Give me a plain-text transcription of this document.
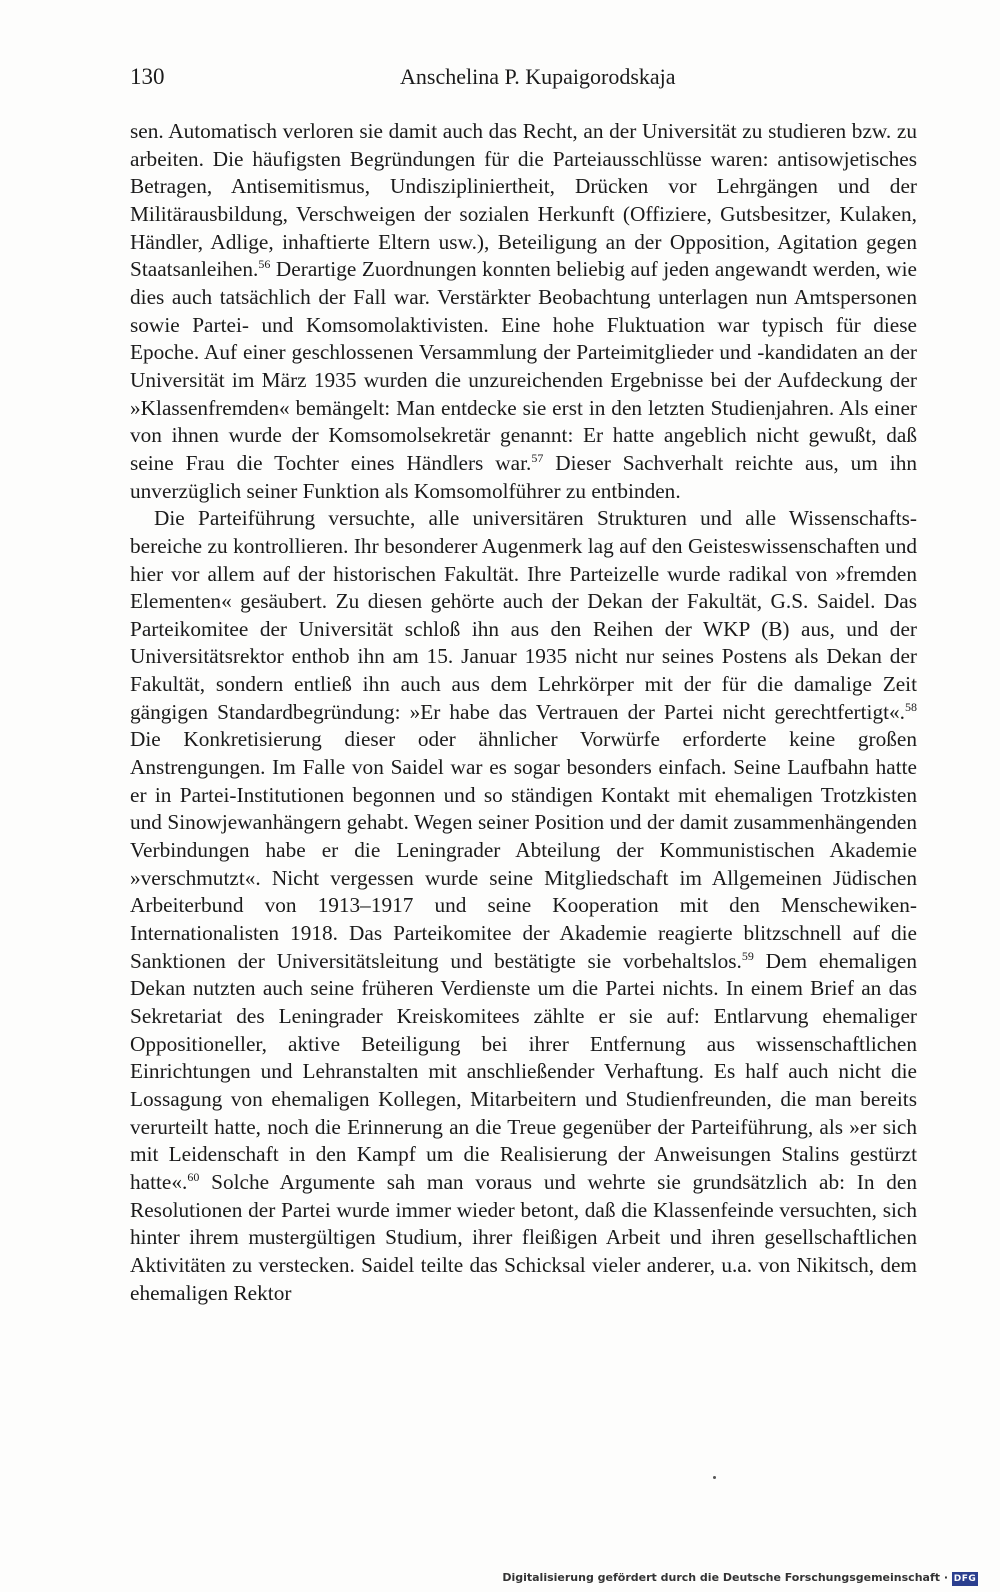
130	Anschelina P. Kupaigorodskaja

sen. Automatisch verloren sie damit auch das Recht, an der Universität zu studieren bzw. zu arbeiten. Die häufigsten Begründungen für die Parteiausschlüsse waren: antisowjetisches Betragen, Antisemitismus, Undiszipliniertheit, Drücken vor Lehrgängen und der Militärausbildung, Verschweigen der sozialen Herkunft (Offiziere, Gutsbesitzer, Kulaken, Händler, Adlige, inhaftierte Eltern usw.), Beteiligung an der Opposition, Agitation gegen Staatsanleihen.$^{56}$ Derartige Zuordnungen konnten beliebig auf jeden angewandt werden, wie dies auch tatsächlich der Fall war. Verstärkter Beobachtung unterlagen nun Amtspersonen sowie Partei- und Komsomolaktivisten. Eine hohe Fluktuation war typisch für diese Epoche. Auf einer geschlossenen Versammlung der Parteimitglieder und -kandidaten an der Universität im März 1935 wurden die unzureichenden Ergebnisse bei der Aufdeckung der »Klassenfremden« bemängelt: Man entdecke sie erst in den letzten Studienjahren. Als einer von ihnen wurde der Komsomolsekretär genannt: Er hatte angeblich nicht gewußt, daß seine Frau die Tochter eines Händlers war.$^{57}$ Dieser Sachverhalt reichte aus, um ihn unverzüglich seiner Funktion als Komsomolführer zu entbinden.

Die Parteiführung versuchte, alle universitären Strukturen und alle Wissenschaftsbereiche zu kontrollieren. Ihr besonderer Augenmerk lag auf den Geisteswissenschaften und hier vor allem auf der historischen Fakultät. Ihre Parteizelle wurde radikal von »fremden Elementen« gesäubert. Zu diesen gehörte auch der Dekan der Fakultät, G.S. Saidel. Das Parteikomitee der Universität schloß ihn aus den Reihen der WKP (B) aus, und der Universitätsrektor enthob ihn am 15. Januar 1935 nicht nur seines Postens als Dekan der Fakultät, sondern entließ ihn auch aus dem Lehrkörper mit der für die damalige Zeit gängigen Standardbegründung: »Er habe das Vertrauen der Partei nicht gerechtfertigt«.$^{58}$ Die Konkretisierung dieser oder ähnlicher Vorwürfe erforderte keine großen Anstrengungen. Im Falle von Saidel war es sogar besonders einfach. Seine Laufbahn hatte er in Partei-Institutionen begonnen und so ständigen Kontakt mit ehemaligen Trotzkisten und Sinowjewanhängern gehabt. Wegen seiner Position und der damit zusammenhängenden Verbindungen habe er die Leningrader Abteilung der Kommunistischen Akademie »verschmutzt«. Nicht vergessen wurde seine Mitgliedschaft im Allgemeinen Jüdischen Arbeiterbund von 1913–1917 und seine Kooperation mit den Menschewiken-Internationalisten 1918. Das Parteikomitee der Akademie reagierte blitzschnell auf die Sanktionen der Universitätsleitung und bestätigte sie vorbehaltslos.$^{59}$ Dem ehemaligen Dekan nutzten auch seine früheren Verdienste um die Partei nichts. In einem Brief an das Sekretariat des Leningrader Kreiskomitees zählte er sie auf: Entlarvung ehemaliger Oppositioneller, aktive Beteiligung bei ihrer Entfernung aus wissenschaftlichen Einrichtungen und Lehranstalten mit anschließender Verhaftung. Es half auch nicht die Lossagung von ehemaligen Kollegen, Mitarbeitern und Studienfreunden, die man bereits verurteilt hatte, noch die Erinnerung an die Treue gegenüber der Parteiführung, als »er sich mit Leidenschaft in den Kampf um die Realisierung der Anweisungen Stalins gestürzt hatte«.$^{60}$ Solche Argumente sah man voraus und wehrte sie grundsätzlich ab: In den Resolutionen der Partei wurde immer wieder betont, daß die Klassenfeinde versuchten, sich hinter ihrem mustergültigen Studium, ihrer fleißigen Arbeit und ihren gesellschaftlichen Aktivitäten zu verstecken. Saidel teilte das Schicksal vieler anderer, u.a. von Nikitsch, dem ehemaligen Rektor

Digitalisierung gefördert durch die Deutsche Forschungsgemeinschaft · DFG
